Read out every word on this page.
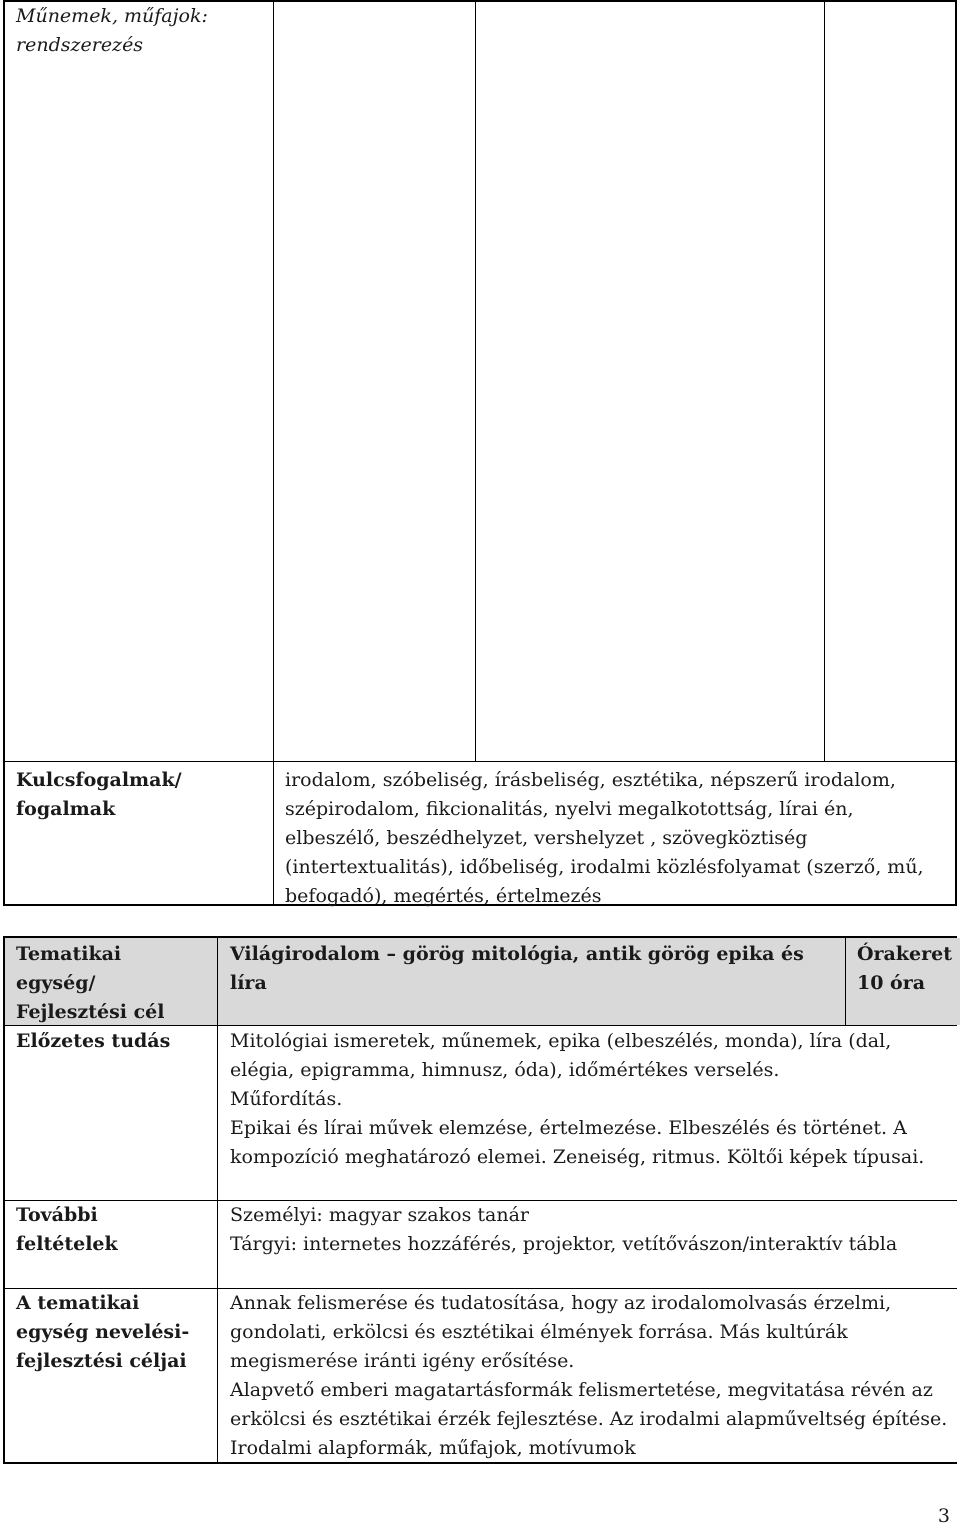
Műnemek, műfajok:
rendszerezés
Kulcsfogalmak/ fogalmak
irodalom, szóbeliség, írásbeliség, esztétika, népszerű irodalom, szépirodalom, fikcionalitás, nyelvi megalkotottság, lírai én, elbeszélő, beszédhelyzet, vershelyzet , szövegköztiség (intertextualitás), időbeliség, irodalmi közlésfolyamat (szerző, mű, befogadó), megértés, értelmezés
Tematikai egység/ Fejlesztési cél
Világirodalom – görög mitológia, antik görög epika és líra
Órakeret
10 óra
Előzetes tudás	Mitológiai ismeretek, műnemek, epika (elbeszélés, monda), líra (dal, elégia, epigramma, himnusz, óda), időmértékes verselés.
Műfordítás.
Epikai és lírai művek elemzése, értelmezése. Elbeszélés és történet. A kompozíció meghatározó elemei. Zeneiség, ritmus. Költői képek típusai.
További feltételek
Személyi: magyar szakos tanár
Tárgyi: internetes hozzáférés, projektor, vetítővászon/interaktív tábla
A tematikai egység nevelési-fejlesztési céljai
Annak felismerése és tudatosítása, hogy az irodalomolvasás érzelmi, gondolati, erkölcsi és esztétikai élmények forrása. Más kultúrák megismerése iránti igény erősítése.
Alapvető emberi magatartásformák felismertetése, megvitatása révén az erkölcsi és esztétikai érzék fejlesztése. Az irodalmi alapműveltség építése. Irodalmi alapformák, műfajok, motívumok
3
